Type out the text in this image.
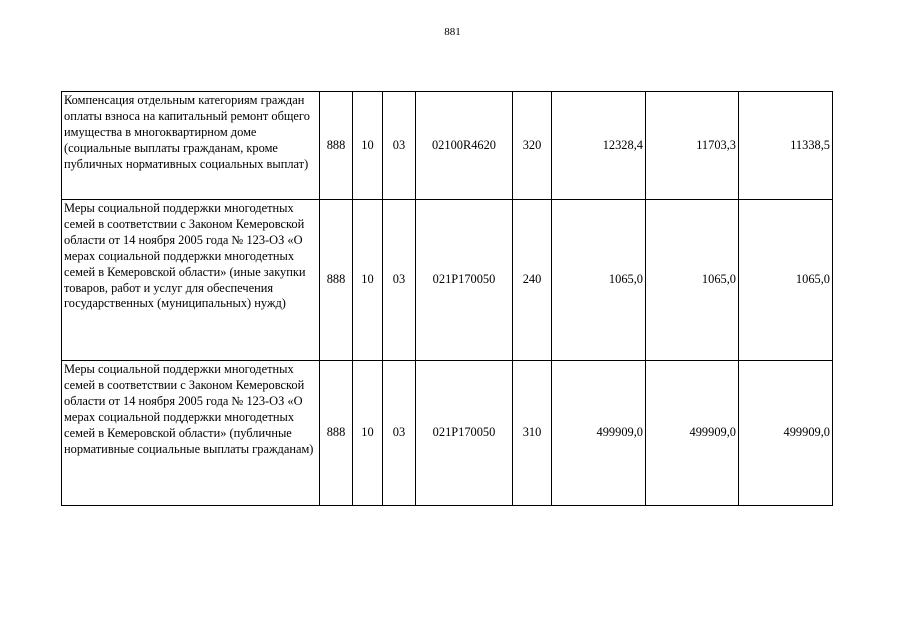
881
Компенсация отдельным категориям граждан оплаты взноса на капитальный ремонт общего имущества в многоквартирном доме (социальные выплаты гражданам, кроме публичных нормативных социальных выплат)	888	10	03	02100R4620	320	12328,4	11703,3	11338,5
Меры социальной поддержки многодетных семей в соответствии с Законом Кемеровской области от 14 ноября 2005 года № 123-ОЗ «О мерах социальной поддержки многодетных семей в Кемеровской области» (иные закупки товаров, работ и услуг для обеспечения государственных (муниципальных) нужд)	888	10	03	021P170050	240	1065,0	1065,0	1065,0
Меры социальной поддержки многодетных семей в соответствии с Законом Кемеровской области от 14 ноября 2005 года № 123-ОЗ «О мерах социальной поддержки многодетных семей в Кемеровской области» (публичные нормативные социальные выплаты гражданам)	888	10	03	021P170050	310	499909,0	499909,0	499909,0
